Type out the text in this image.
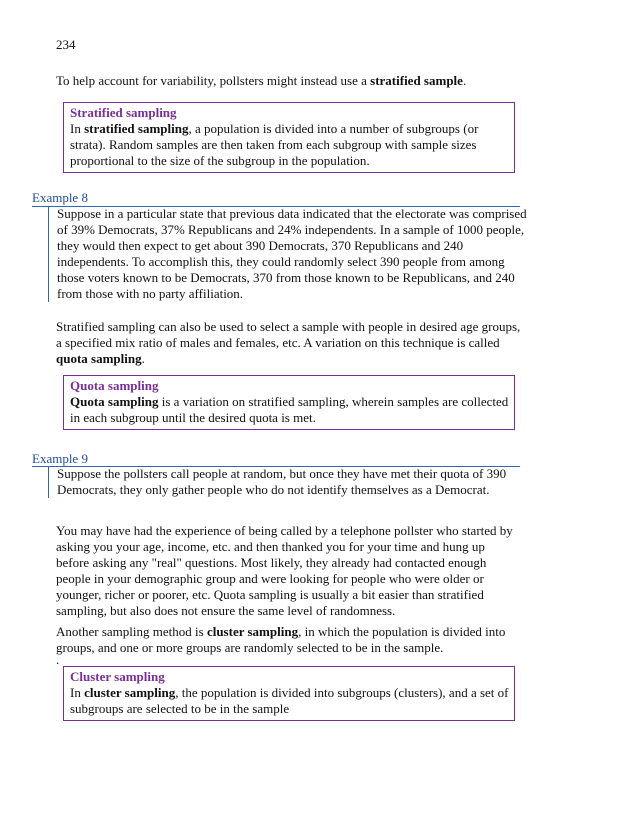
234

To help account for variability, pollsters might instead use a stratified sample.

Stratified sampling

In stratified sampling, a population is divided into a number of subgroups (or strata). Random samples are then taken from each subgroup with sample sizes proportional to the size of the subgroup in the population.

Example 8

Suppose in a particular state that previous data indicated that the electorate was comprised of 39% Democrats, 37% Republicans and 24% independents. In a sample of 1000 people, they would then expect to get about 390 Democrats, 370 Republicans and 240 independents. To accomplish this, they could randomly select 390 people from among those voters known to be Democrats, 370 from those known to be Republicans, and 240 from those with no party affiliation.

Stratified sampling can also be used to select a sample with people in desired age groups, a specified mix ratio of males and females, etc. A variation on this technique is called quota sampling.

Quota sampling

Quota sampling is a variation on stratified sampling, wherein samples are collected in each subgroup until the desired quota is met.

Example 9

Suppose the pollsters call people at random, but once they have met their quota of 390 Democrats, they only gather people who do not identify themselves as a Democrat.

You may have had the experience of being called by a telephone pollster who started by asking you your age, income, etc. and then thanked you for your time and hung up before asking any "real" questions. Most likely, they already had contacted enough people in your demographic group and were looking for people who were older or younger, richer or poorer, etc. Quota sampling is usually a bit easier than stratified sampling, but also does not ensure the same level of randomness.

Another sampling method is cluster sampling, in which the population is divided into groups, and one or more groups are randomly selected to be in the sample.

.
Cluster sampling

In cluster sampling, the population is divided into subgroups (clusters), and a set of subgroups are selected to be in the sample
